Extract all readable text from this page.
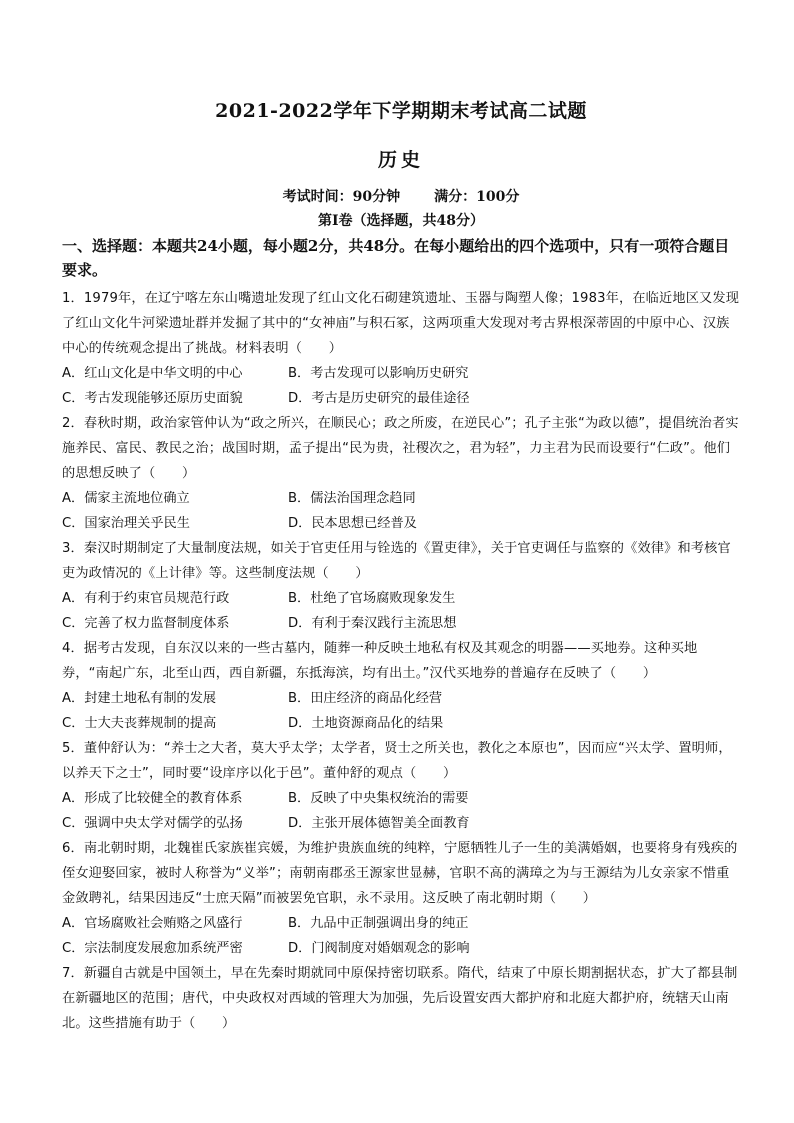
2021-2022学年下学期期末考试高二试题
历史
考试时间：90分钟 满分：100分
第Ⅰ卷（选择题，共48分）
一、选择题：本题共24小题，每小题2分，共48分。在每小题给出的四个选项中，只有一项符合题目要求。

1．1979年，在辽宁喀左东山嘴遗址发现了红山文化石砌建筑遗址、玉器与陶塑人像；1983年，在临近地区又发现了红山文化牛河梁遗址群并发掘了其中的“女神庙”与积石冢，这两项重大发现对考古界根深蒂固的中原中心、汉族中心的传统观念提出了挑战。材料表明（　　）

A．红山文化是中华文明的中心	B．考古发现可以影响历史研究
C．考古发现能够还原历史面貌	D．考古是历史研究的最佳途径

2．春秋时期，政治家管仲认为“政之所兴，在顺民心；政之所废，在逆民心”；孔子主张“为政以德”，提倡统治者实施养民、富民、教民之治；战国时期，孟子提出“民为贵，社稷次之，君为轻”，力主君为民而设要行“仁政”。他们的思想反映了（　　）

A．儒家主流地位确立	B．儒法治国理念趋同
C．国家治理关乎民生	D．民本思想已经普及

3．秦汉时期制定了大量制度法规，如关于官吏任用与铨选的《置吏律》，关于官吏调任与监察的《效律》和考核官吏为政情况的《上计律》等。这些制度法规（　　）

A．有利于约束官员规范行政	B．杜绝了官场腐败现象发生
C．完善了权力监督制度体系	D．有利于秦汉践行主流思想

4．据考古发现，自东汉以来的一些古墓内，随葬一种反映土地私有权及其观念的明器——买地券。这种买地券，“南起广东，北至山西，西自新疆，东抵海滨，均有出土。”汉代买地券的普遍存在反映了（　　）

A．封建土地私有制的发展	B．田庄经济的商品化经营
C．士大夫丧葬规制的提高	D．土地资源商品化的结果

5．董仲舒认为：“养士之大者，莫大乎太学；太学者，贤士之所关也，教化之本原也”，因而应“兴太学、置明师，以养天下之士”，同时要“设庠序以化于邑”。董仲舒的观点（　　）

A．形成了比较健全的教育体系	B．反映了中央集权统治的需要
C．强调中央太学对儒学的弘扬	D．主张开展体德智美全面教育

6．南北朝时期，北魏崔氏家族崔宾媛，为维护贵族血统的纯粹，宁愿牺牲儿子一生的美满婚姻，也要将身有残疾的侄女迎娶回家，被时人称誉为“义举”；南朝南郡丞王源家世显赫，官职不高的满璋之为与王源结为儿女亲家不惜重金敛聘礼，结果因违反“士庶天隔”而被罢免官职，永不录用。这反映了南北朝时期（　　）

A．官场腐败社会贿赂之风盛行	B．九品中正制强调出身的纯正
C．宗法制度发展愈加系统严密	D．门阀制度对婚姻观念的影响

7．新疆自古就是中国领土，早在先秦时期就同中原保持密切联系。隋代，结束了中原长期割据状态，扩大了都县制在新疆地区的范围；唐代，中央政权对西域的管理大为加强，先后设置安西大都护府和北庭大都护府，统辖天山南北。这些措施有助于（　　）
